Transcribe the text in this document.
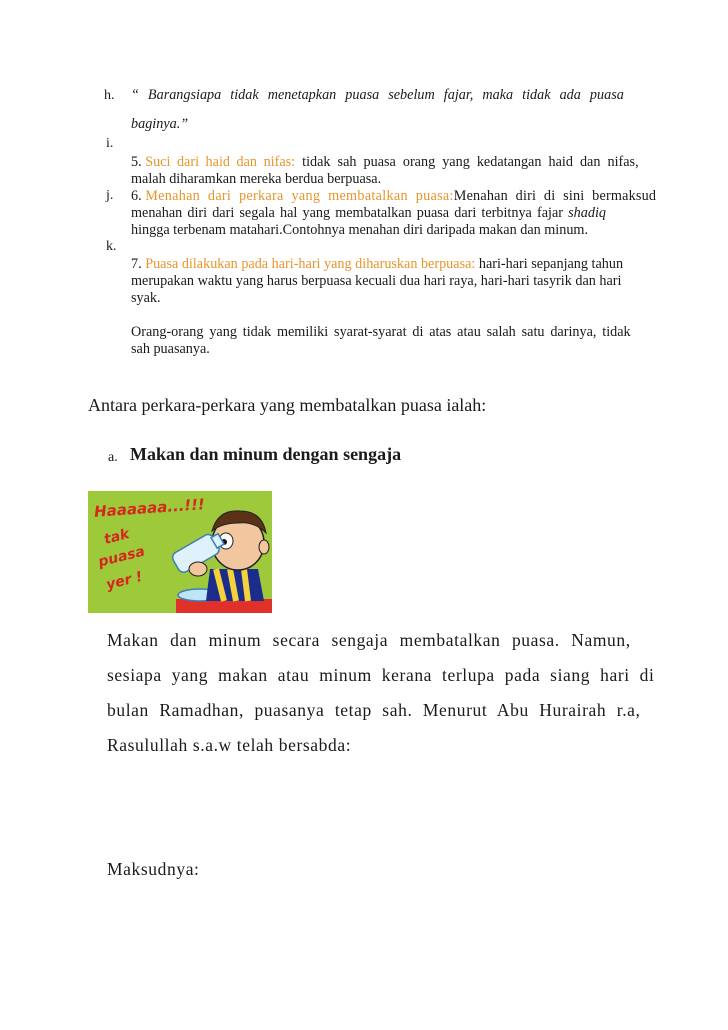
h. “ Barangsiapa tidak menetapkan puasa sebelum fajar, maka tidak ada puasa
baginya.”
i.
5. Suci dari haid dan nifas: tidak sah puasa orang yang kedatangan haid dan nifas,
malah diharamkan mereka berdua berpuasa.
j. 6. Menahan dari perkara yang membatalkan puasa:Menahan diri di sini bermaksud
menahan diri dari segala hal yang membatalkan puasa dari terbitnya fajar shadiq
hingga terbenam matahari.Contohnya menahan diri daripada makan dan minum.
k.
7. Puasa dilakukan pada hari-hari yang diharuskan berpuasa: hari-hari sepanjang tahun
merupakan waktu yang harus berpuasa kecuali dua hari raya, hari-hari tasyrik dan hari
syak.
Orang-orang yang tidak memiliki syarat-syarat di atas atau salah satu darinya, tidak
sah puasanya.
Antara perkara-perkara yang membatalkan puasa ialah:
a. Makan dan minum dengan sengaja
Haaaaaa...!!!
tak
puasa
yer !
Makan dan minum secara sengaja membatalkan puasa. Namun,
sesiapa yang makan atau minum kerana terlupa pada siang hari di
bulan Ramadhan, puasanya tetap sah. Menurut Abu Hurairah r.a,
Rasulullah s.a.w telah bersabda:
Maksudnya:
